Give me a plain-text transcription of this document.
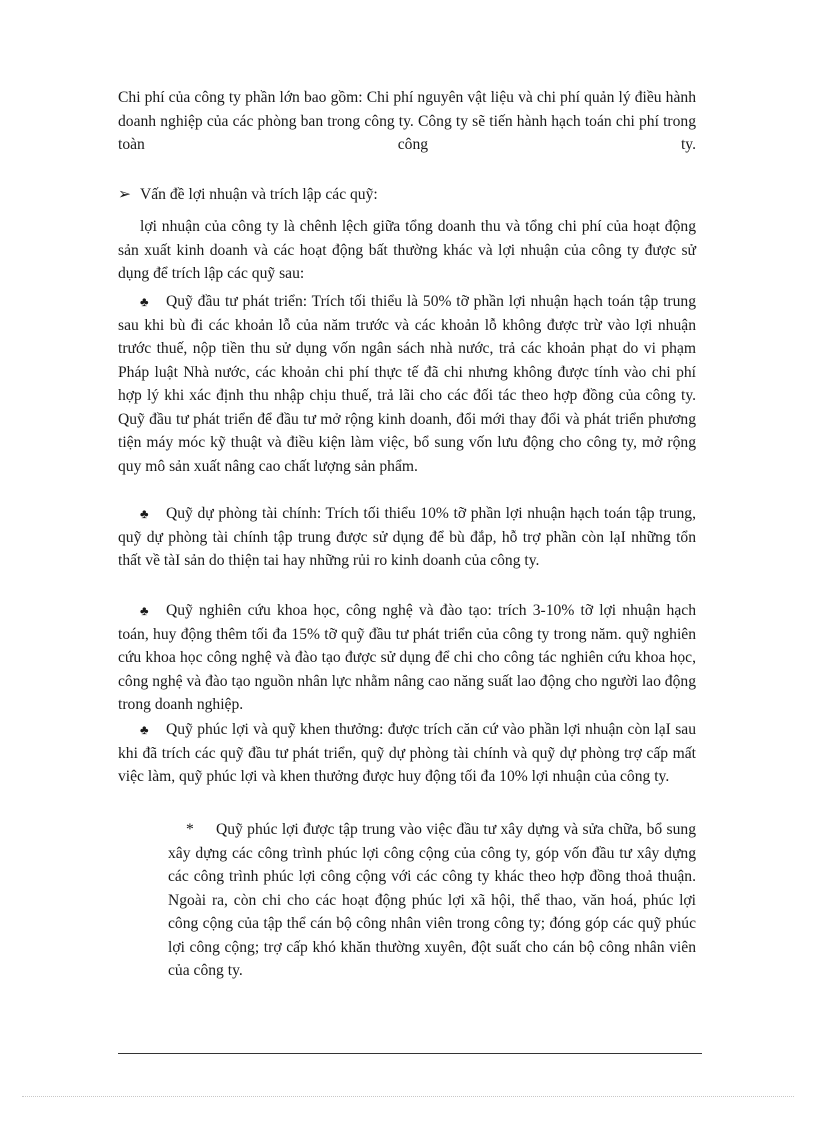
Chi phí của công ty phần lớn bao gồm: Chi phí nguyên vật liệu và chi phí quản lý điều hành doanh nghiệp của các phòng ban trong công ty. Công ty sẽ tiến hành hạch toán chi phí trong toàn công ty.

➢ Vấn đề lợi nhuận và trích lập các quỹ:

lợi nhuận của công ty là chênh lệch giữa tổng doanh thu và tổng chi phí của hoạt động sản xuất kinh doanh và các hoạt động bất thường khác và lợi nhuận của công ty được sử dụng để trích lập các quỹ sau:

♣ Quỹ đầu tư phát triển: Trích tối thiểu là 50% tỡ phần lợi nhuận hạch toán tập trung sau khi bù đi các khoản lỗ của năm trước và các khoản lỗ không được trừ vào lợi nhuận trước thuế, nộp tiền thu sử dụng vốn ngân sách nhà nước, trả các khoản phạt do vi phạm Pháp luật Nhà nước, các khoản chi phí thực tế đã chi nhưng không được tính vào chi phí hợp lý khi xác định thu nhập chịu thuế, trả lãi cho các đối tác theo hợp đồng của công ty. Quỹ đầu tư phát triển để đầu tư mở rộng kinh doanh, đổi mới thay đổi và phát triển phương tiện máy móc kỹ thuật và điều kiện làm việc, bổ sung vốn lưu động cho công ty, mở rộng quy mô sản xuất nâng cao chất lượng sản phẩm.

♣ Quỹ dự phòng tài chính: Trích tối thiểu 10% tỡ phần lợi nhuận hạch toán tập trung, quỹ dự phòng tài chính tập trung được sử dụng để bù đắp, hỗ trợ phần còn lạI những tổn thất về tàI sản do thiện tai hay những rủi ro kinh doanh của công ty.

♣ Quỹ nghiên cứu khoa học, công nghệ và đào tạo: trích 3-10% tỡ lợi nhuận hạch toán, huy động thêm tối đa 15% tỡ quỹ đầu tư phát triển của công ty trong năm. quỹ nghiên cứu khoa học công nghệ và đào tạo được sử dụng để chi cho công tác nghiên cứu khoa học, công nghệ và đào tạo nguồn nhân lực nhằm nâng cao năng suất lao động cho người lao động trong doanh nghiệp.

♣ Quỹ phúc lợi và quỹ khen thưởng: được trích căn cứ vào phần lợi nhuận còn lạI sau khi đã trích các quỹ đầu tư phát triển, quỹ dự phòng tài chính và quỹ dự phòng trợ cấp mất việc làm, quỹ phúc lợi và khen thưởng được huy động tối đa 10% lợi nhuận của công ty.

* Quỹ phúc lợi được tập trung vào việc đầu tư xây dựng và sửa chữa, bổ sung xây dựng các công trình phúc lợi công cộng của công ty, góp vốn đầu tư xây dựng các công trình phúc lợi công cộng với các công ty khác theo hợp đồng thoả thuận. Ngoài ra, còn chi cho các hoạt động phúc lợi xã hội, thể thao, văn hoá, phúc lợi công cộng của tập thể cán bộ công nhân viên trong công ty; đóng góp các quỹ phúc lợi công cộng; trợ cấp khó khăn thường xuyên, đột suất cho cán bộ công nhân viên của công ty.
